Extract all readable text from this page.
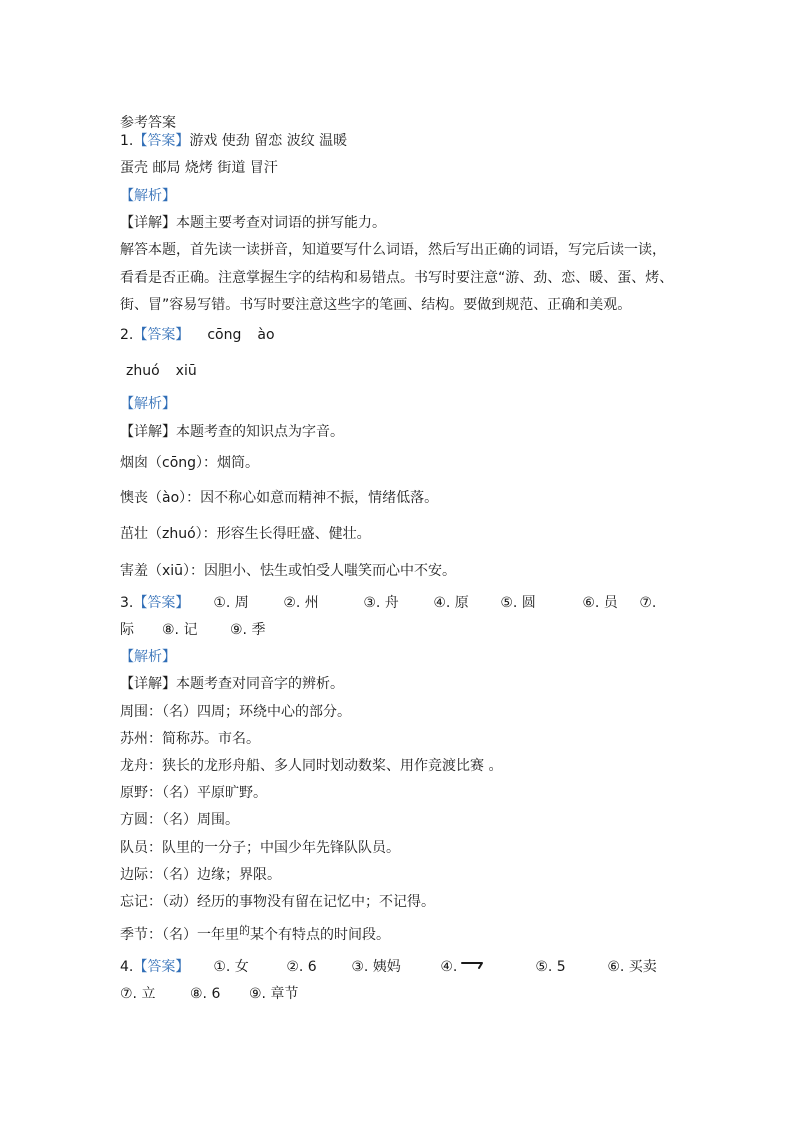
参考答案
1.【答案】游戏 使劲 留恋 波纹 温暖
蛋壳 邮局 烧烤 街道 冒汗
【解析】
【详解】本题主要考查对词语的拼写能力。
解答本题，首先读一读拼音，知道要写什么词语，然后写出正确的词语，写完后读一读，
看看是否正确。注意掌握生字的结构和易错点。书写时要注意“游、劲、恋、暖、蛋、烤、
街、冒”容易写错。书写时要注意这些字的笔画、结构。要做到规范、正确和美观。
2.【答案】 cōng ào
zhuó xiū
【解析】
【详解】本题考查的知识点为字音。
烟囱（cōng）：烟筒。
懊丧（ào）：因不称心如意而精神不振，情绪低落。
茁壮（zhuó）：形容生长得旺盛、健壮。
害羞（xiū）：因胆小、怯生或怕受人嗤笑而心中不安。
3.【答案】 ①. 周 ②. 州	③. 舟 ④. 原 ⑤. 圆	⑥. 员 ⑦.
际 ⑧. 记 ⑨. 季
【解析】
【详解】本题考查对同音字的辨析。
周围：（名）四周；环绕中心的部分。
苏州：简称苏。市名。
龙舟：狭长的龙形舟船、多人同时划动数桨、用作竞渡比赛 。
原野：（名）平原旷野。
方圆：（名）周围。
队员：队里的一分子；中国少年先锋队队员。
边际：（名）边缘；界限。
忘记：（动）经历的事物没有留在记忆中；不记得。
季节：（名）一年里$^的$某个有特点的时间段。
4.【答案】 ①. 女	②. 6 ③. 姨妈	④.	⑤. 5	⑥. 买卖
⑦. 立 ⑧. 6 ⑨. 章节
